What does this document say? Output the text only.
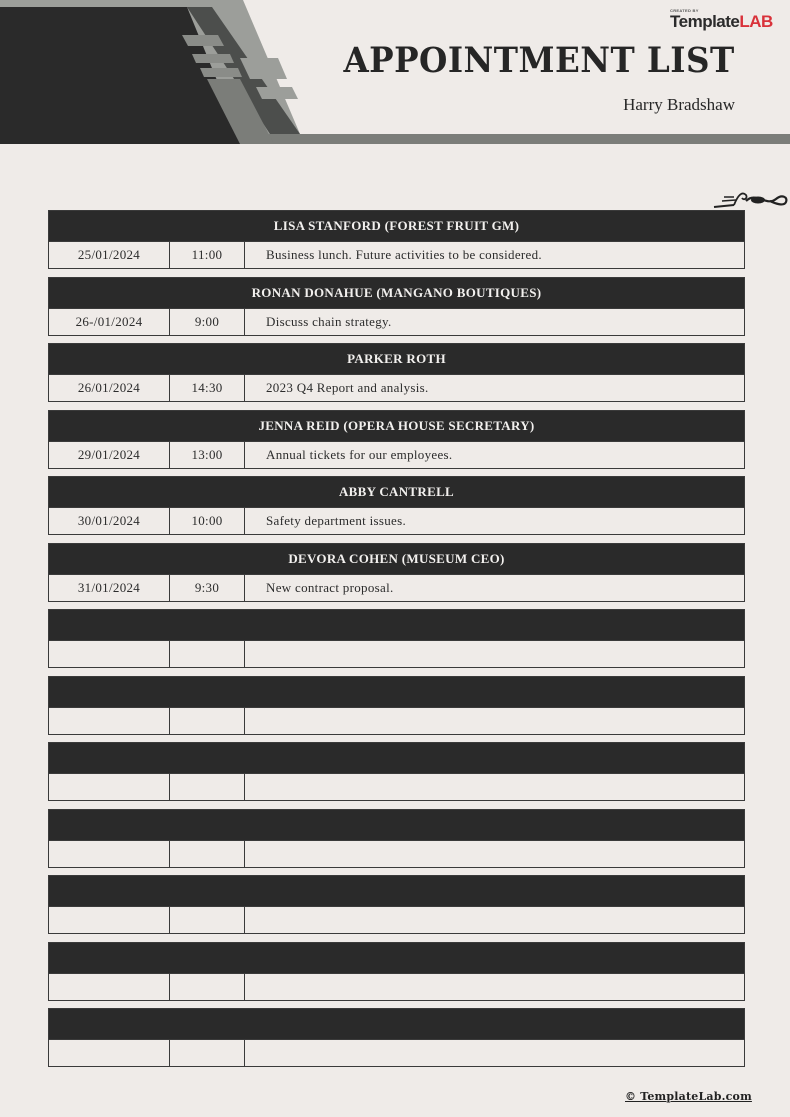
CREATED BY
TemplateLAB
APPOINTMENT LIST
Harry Bradshaw
LISA STANFORD (FOREST FRUIT GM)
25/01/2024	11:00	Business lunch. Future activities to be considered.
RONAN DONAHUE (MANGANO BOUTIQUES)
26-/01/2024	9:00	Discuss chain strategy.
PARKER ROTH
26/01/2024	14:30	2023 Q4 Report and analysis.
JENNA REID (OPERA HOUSE SECRETARY)
29/01/2024	13:00	Annual tickets for our employees.
ABBY CANTRELL
30/01/2024	10:00	Safety department issues.
DEVORA COHEN (MUSEUM CEO)
31/01/2024	9:30	New contract proposal.
© TemplateLab.com
